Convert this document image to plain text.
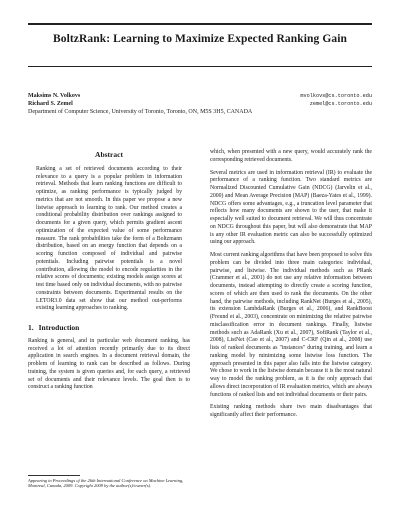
BoltzRank: Learning to Maximize Expected Ranking Gain
Maksims N. Volkovs	mvolkovs@cs.toronto.edu
Richard S. Zemel	zemel@cs.toronto.edu
Department of Computer Science, University of Toronto, Toronto, ON, M5S 3H5, CANADA
Abstract

Ranking a set of retrieved documents according to their relevance to a query is a popular problem in information retrieval. Methods that learn ranking functions are difficult to optimize, as ranking performance is typically judged by metrics that are not smooth. In this paper we propose a new listwise approach to learning to rank. Our method creates a conditional probability distribution over rankings assigned to documents for a given query, which permits gradient ascent optimization of the expected value of some performance measure. The rank probabilities take the form of a Boltzmann distribution, based on an energy function that depends on a scoring function composed of individual and pairwise potentials. Including pairwise potentials is a novel contribution, allowing the model to encode regularities in the relative scores of documents; existing models assign scores at test time based only on individual documents, with no pairwise constraints between documents. Experimental results on the LETOR3.0 data set show that our method out-performs existing learning approaches to ranking.

1. Introduction

Ranking is general, and in particular web document ranking, has received a lot of attention recently primarily due to its direct application in search engines. In a document retrieval domain, the problem of learning to rank can be described as follows. During training, the system is given queries and, for each query, a retrieved set of documents and their relevance levels. The goal then is to construct a ranking function

Appearing in Proceedings of the 26th International Conference on Machine Learning, Montreal, Canada, 2009. Copyright 2009 by the author(s)/owner(s).

which, when presented with a new query, would accurately rank the corresponding retrieved documents.

Several metrics are used in information retrieval (IR) to evaluate the performance of a ranking function. Two standard metrics are Normalized Discounted Cumulative Gain (NDCG) (Jarvelin et al., 2000) and Mean Average Precision (MAP) (Baeza-Yates et al., 1999). NDCG offers some advantages, e.g., a truncation level parameter that reflects how many documents are shown to the user, that make it especially well suited to document retrieval. We will thus concentrate on NDCG throughout this paper, but will also demonstrate that MAP is any other IR evaluation metric can also be successfully optimized using our approach.

Most current ranking algorithms that have been proposed to solve this problem can be divided into three main categories: individual, pairwise, and listwise. The individual methods such as PRank (Crammer et al., 2001) do not use any relative information between documents, instead attempting to directly create a scoring function, scores of which are then used to rank the documents. On the other hand, the pairwise methods, including RankNet (Burges et al., 2005), its extension LambdaRank (Burges et al., 2006), and RankBoost (Freund et al., 2003), concentrate on minimizing the relative pairwise misclassification error in document rankings. Finally, listwise methods such as AdaRank (Xu et al., 2007), SoftRank (Taylor et al., 2008), ListNet (Cao et al., 2007) and C-CRF (Qin at al., 2008) use lists of ranked documents as "instances" during training, and learn a ranking model by minimizing some listwise loss function. The approach presented in this paper also falls into the listwise category. We chose to work in the listwise domain because it is the most natural way to model the ranking problem, as it is the only approach that allows direct incorporation of IR evaluation metrics, which are always functions of ranked lists and not individual documents or their pairs.

Existing ranking methods share two main disadvantages that significantly affect their performance.
